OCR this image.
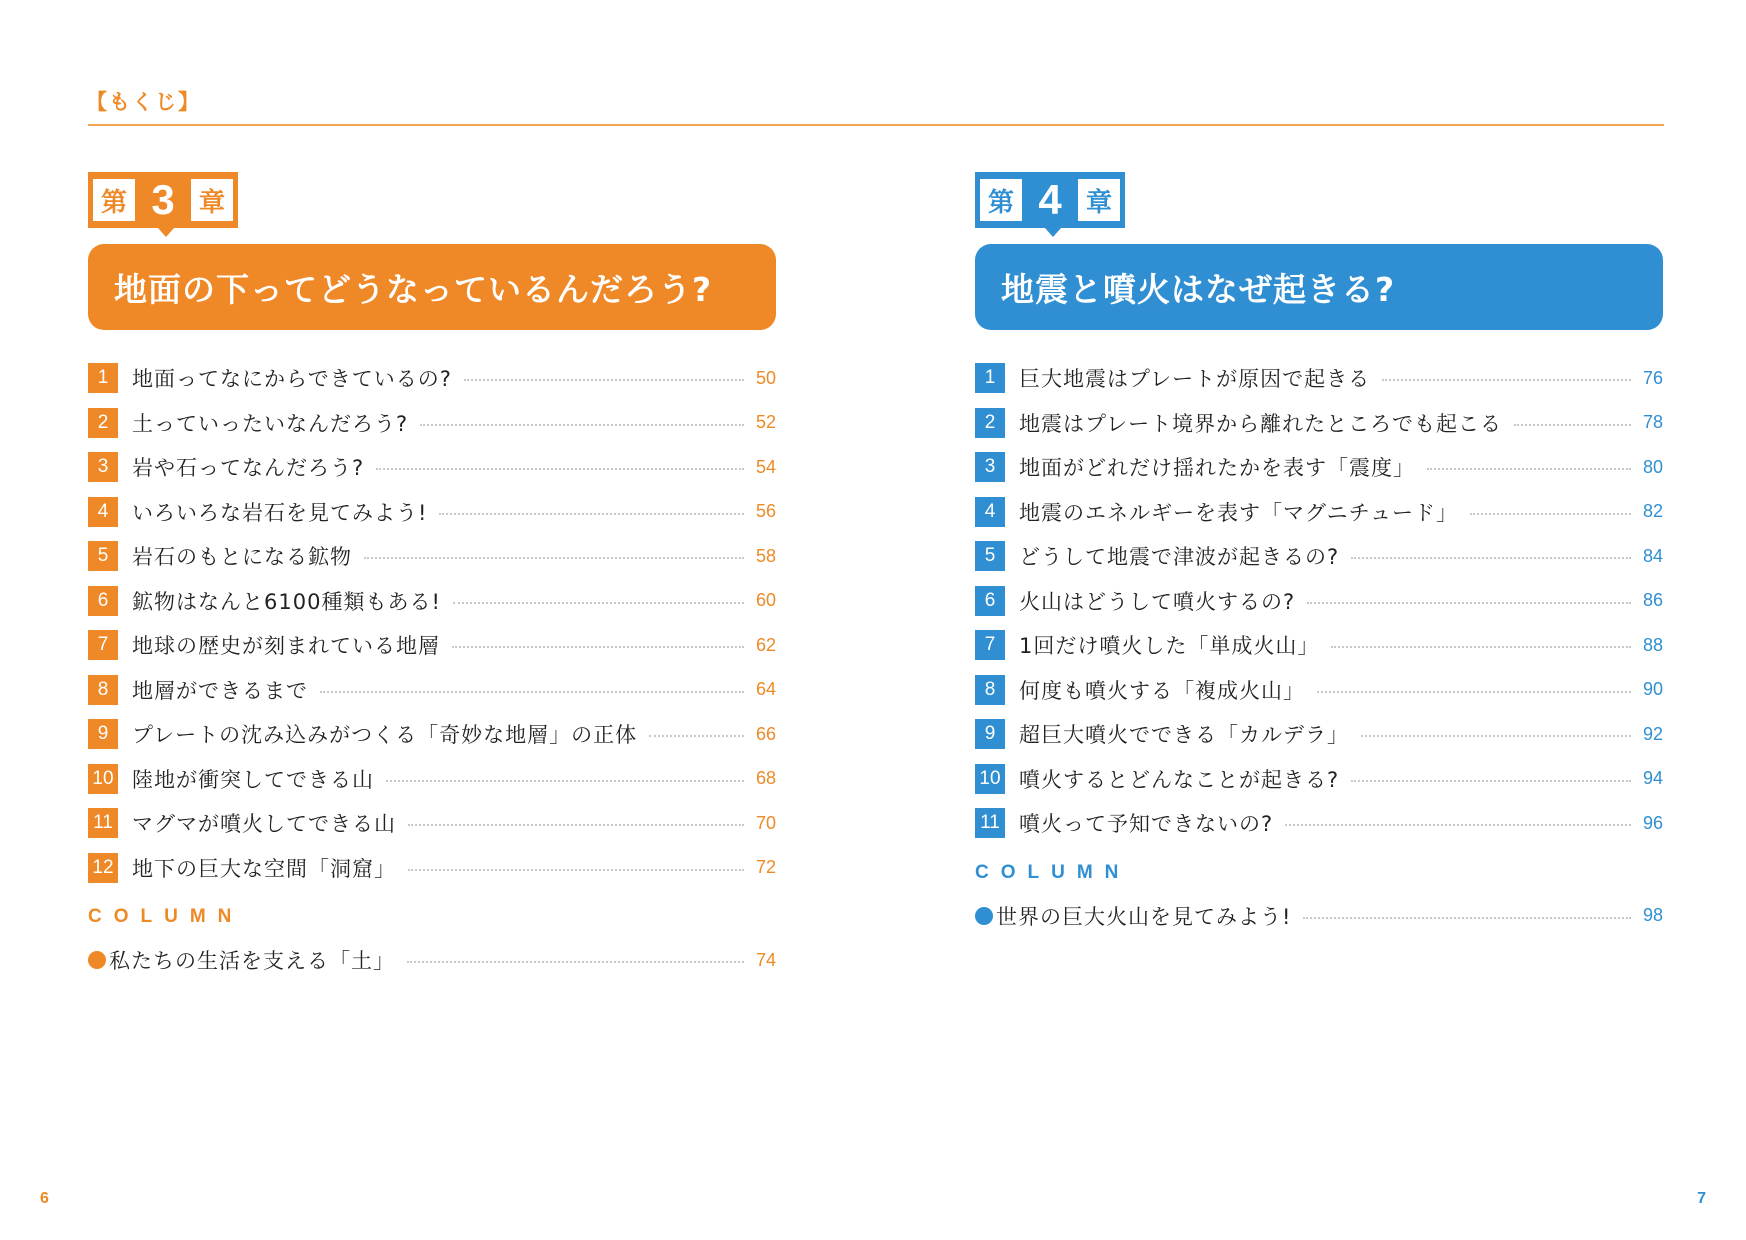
【もくじ】
第 3 章
地面の下ってどうなっているんだろう?
1	地面ってなにからできているの?	50
2	土っていったいなんだろう?	52
3	岩や石ってなんだろう?	54
4	いろいろな岩石を見てみよう!	56
5	岩石のもとになる鉱物	58
6	鉱物はなんと6100種類もある!	60
7	地球の歴史が刻まれている地層	62
8	地層ができるまで	64
9	プレートの沈み込みがつくる「奇妙な地層」の正体	66
10 陸地が衝突してできる山	68
11 マグマが噴火してできる山	70
12 地下の巨大な空間「洞窟」	72
COLUMN
私たちの生活を支える「土」	74
第 4 章
地震と噴火はなぜ起きる?
1	巨大地震はプレートが原因で起きる	76
2	地震はプレート境界から離れたところでも起こる	78
3	地面がどれだけ揺れたかを表す「震度」	80
4	地震のエネルギーを表す「マグニチュード」	82
5	どうして地震で津波が起きるの?	84
6	火山はどうして噴火するの?	86
7	1回だけ噴火した「単成火山」	88
8	何度も噴火する「複成火山」	90
9	超巨大噴火でできる「カルデラ」	92
10 噴火するとどんなことが起きる?	94
11 噴火って予知できないの?	96
COLUMN
世界の巨大火山を見てみよう!	98
6	7
